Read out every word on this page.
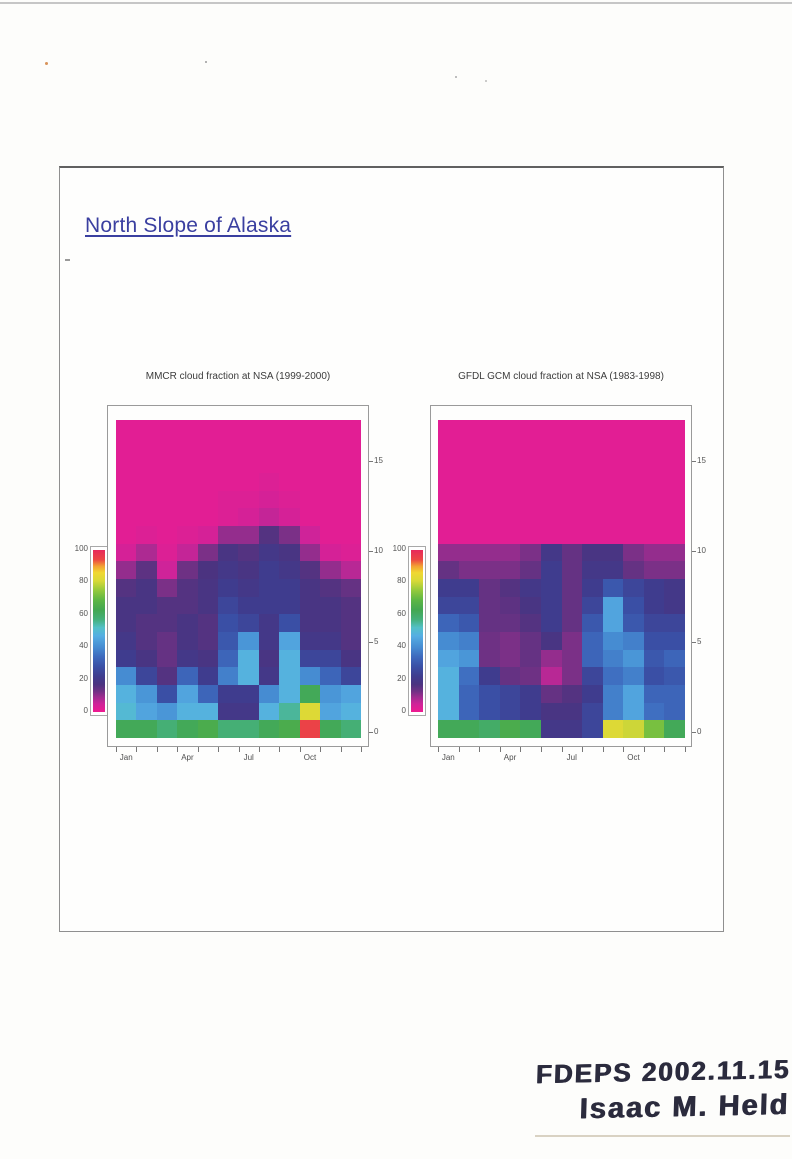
North Slope of Alaska
MMCR cloud fraction at NSA (1999-2000)
100
80
60
40
20
0
0
5
10
15
Jan	Apr	Jul	Oct
GFDL GCM cloud fraction at NSA (1983-1998)
100
80
60
40
20
0
0
5
10
15
Jan	Apr	Jul	Oct
FDEPS 2002.11.15
Isaac M. Held
